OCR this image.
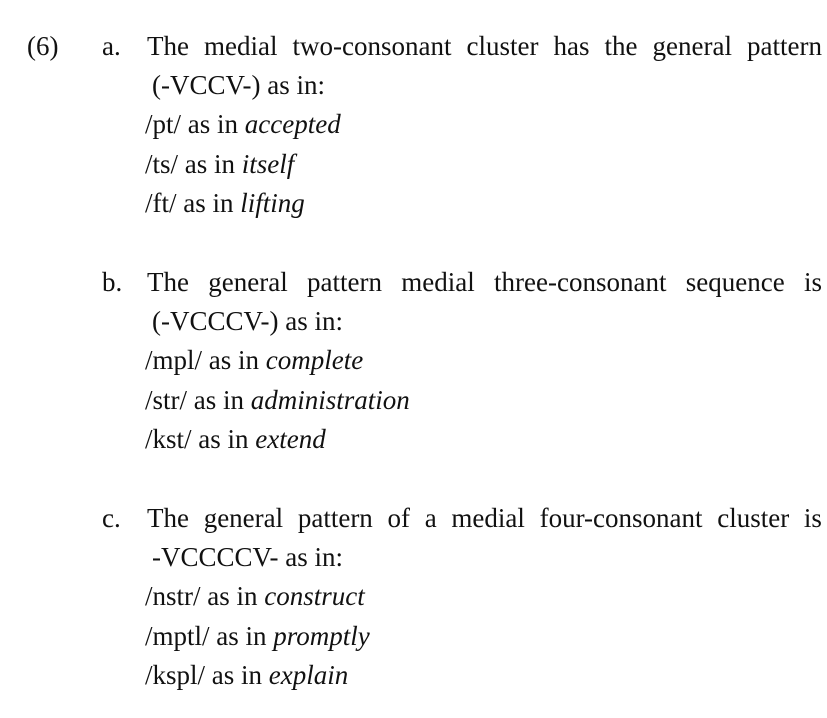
(6) a. The medial two-consonant cluster has the general pattern
(-VCCV-) as in:
/pt/ as in accepted
/ts/ as in itself
/ft/ as in lifting
b. The general pattern medial three-consonant sequence is
(-VCCCV-) as in:
/mpl/ as in complete
/str/ as in administration
/kst/ as in extend
c. The general pattern of a medial four-consonant cluster is
-VCCCCV- as in:
/nstr/ as in construct
/mptl/ as in promptly
/kspl/ as in explain
